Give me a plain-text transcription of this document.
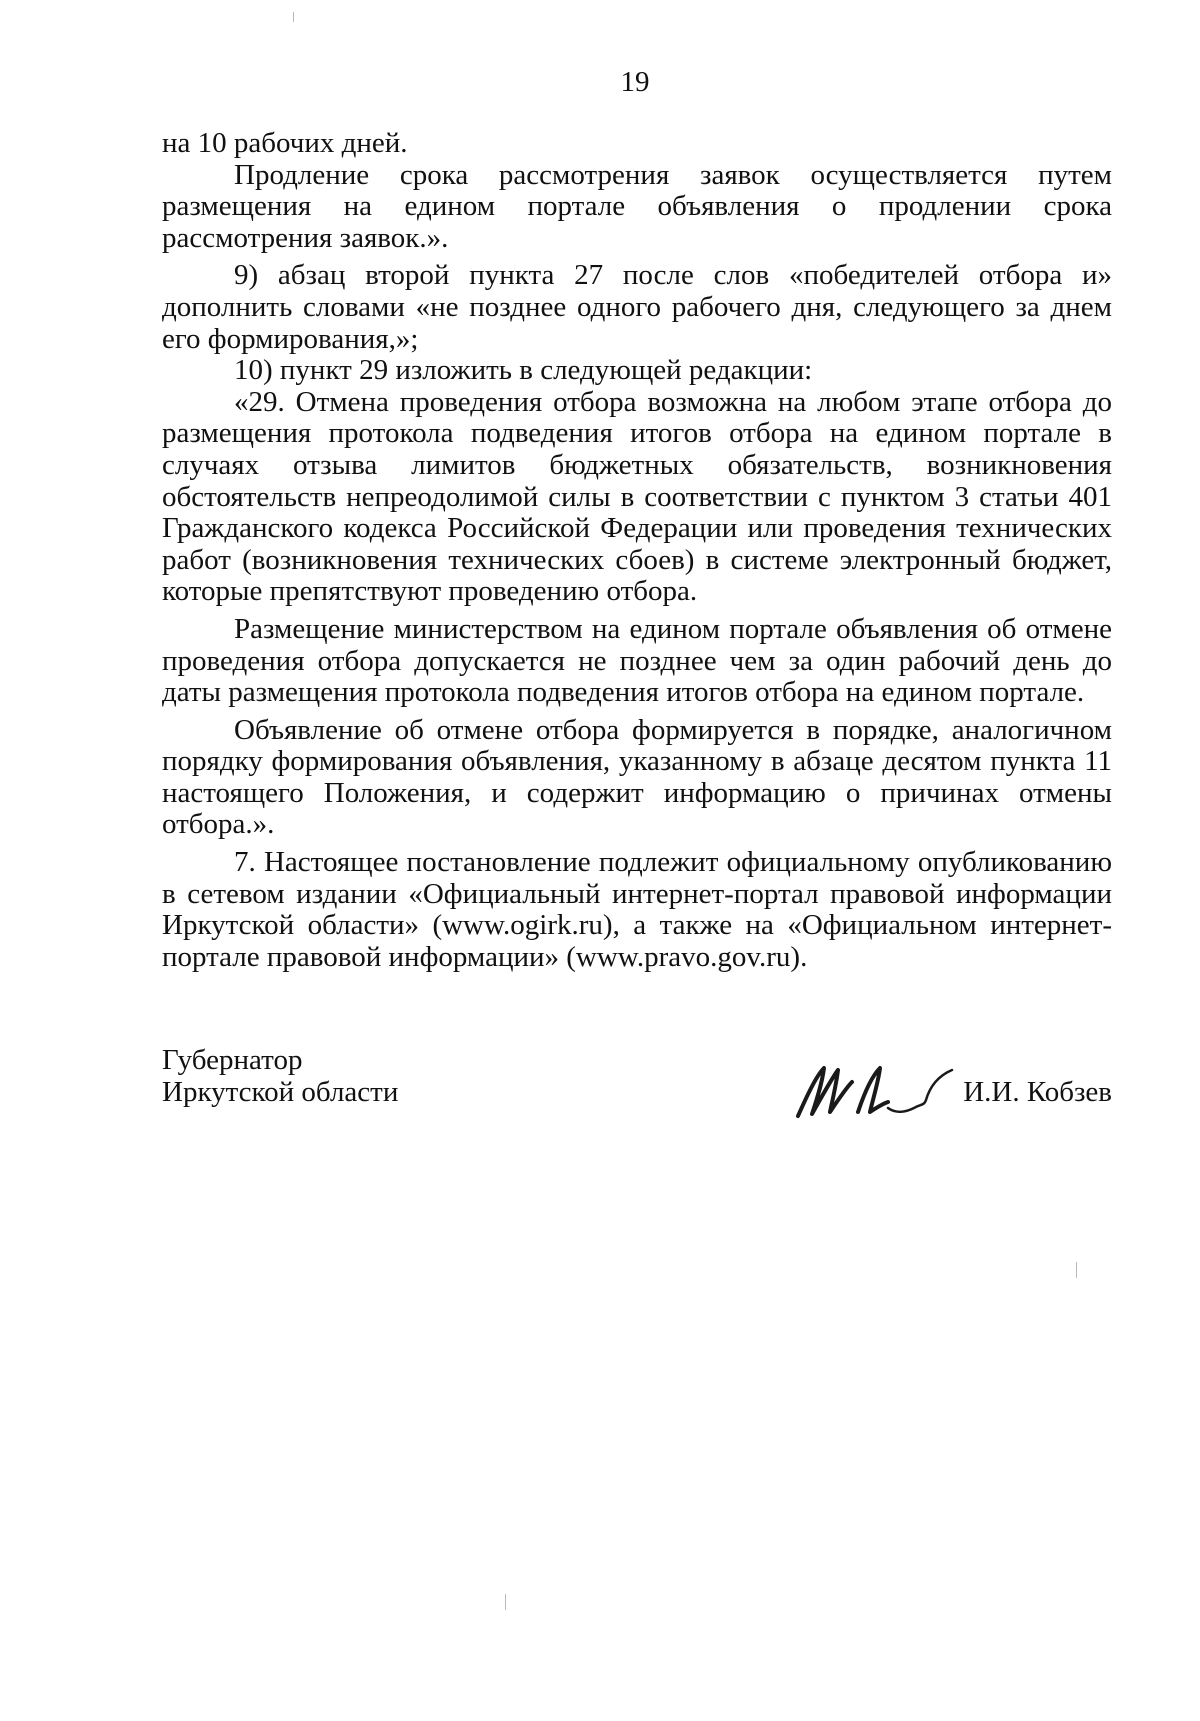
19

на 10 рабочих дней.

Продление срока рассмотрения заявок осуществляется путем размещения на едином портале объявления о продлении срока рассмотрения заявок.».

9) абзац второй пункта 27 после слов «победителей отбора и» дополнить словами «не позднее одного рабочего дня, следующего за днем его формирования,»;

10) пункт 29 изложить в следующей редакции:

«29. Отмена проведения отбора возможна на любом этапе отбора до размещения протокола подведения итогов отбора на едином портале в случаях отзыва лимитов бюджетных обязательств, возникновения обстоятельств непреодолимой силы в соответствии с пунктом 3 статьи 401 Гражданского кодекса Российской Федерации или проведения технических работ (возникновения технических сбоев) в системе электронный бюджет, которые препятствуют проведению отбора.

Размещение министерством на едином портале объявления об отмене проведения отбора допускается не позднее чем за один рабочий день до даты размещения протокола подведения итогов отбора на едином портале.

Объявление об отмене отбора формируется в порядке, аналогичном порядку формирования объявления, указанному в абзаце десятом пункта 11 настоящего Положения, и содержит информацию о причинах отмены отбора.».

7. Настоящее постановление подлежит официальному опубликованию в сетевом издании «Официальный интернет-портал правовой информации Иркутской области» (www.ogirk.ru), а также на «Официальном интернет-портале правовой информации» (www.pravo.gov.ru).

Губернатор
Иркутской области	И.И. Кобзев
